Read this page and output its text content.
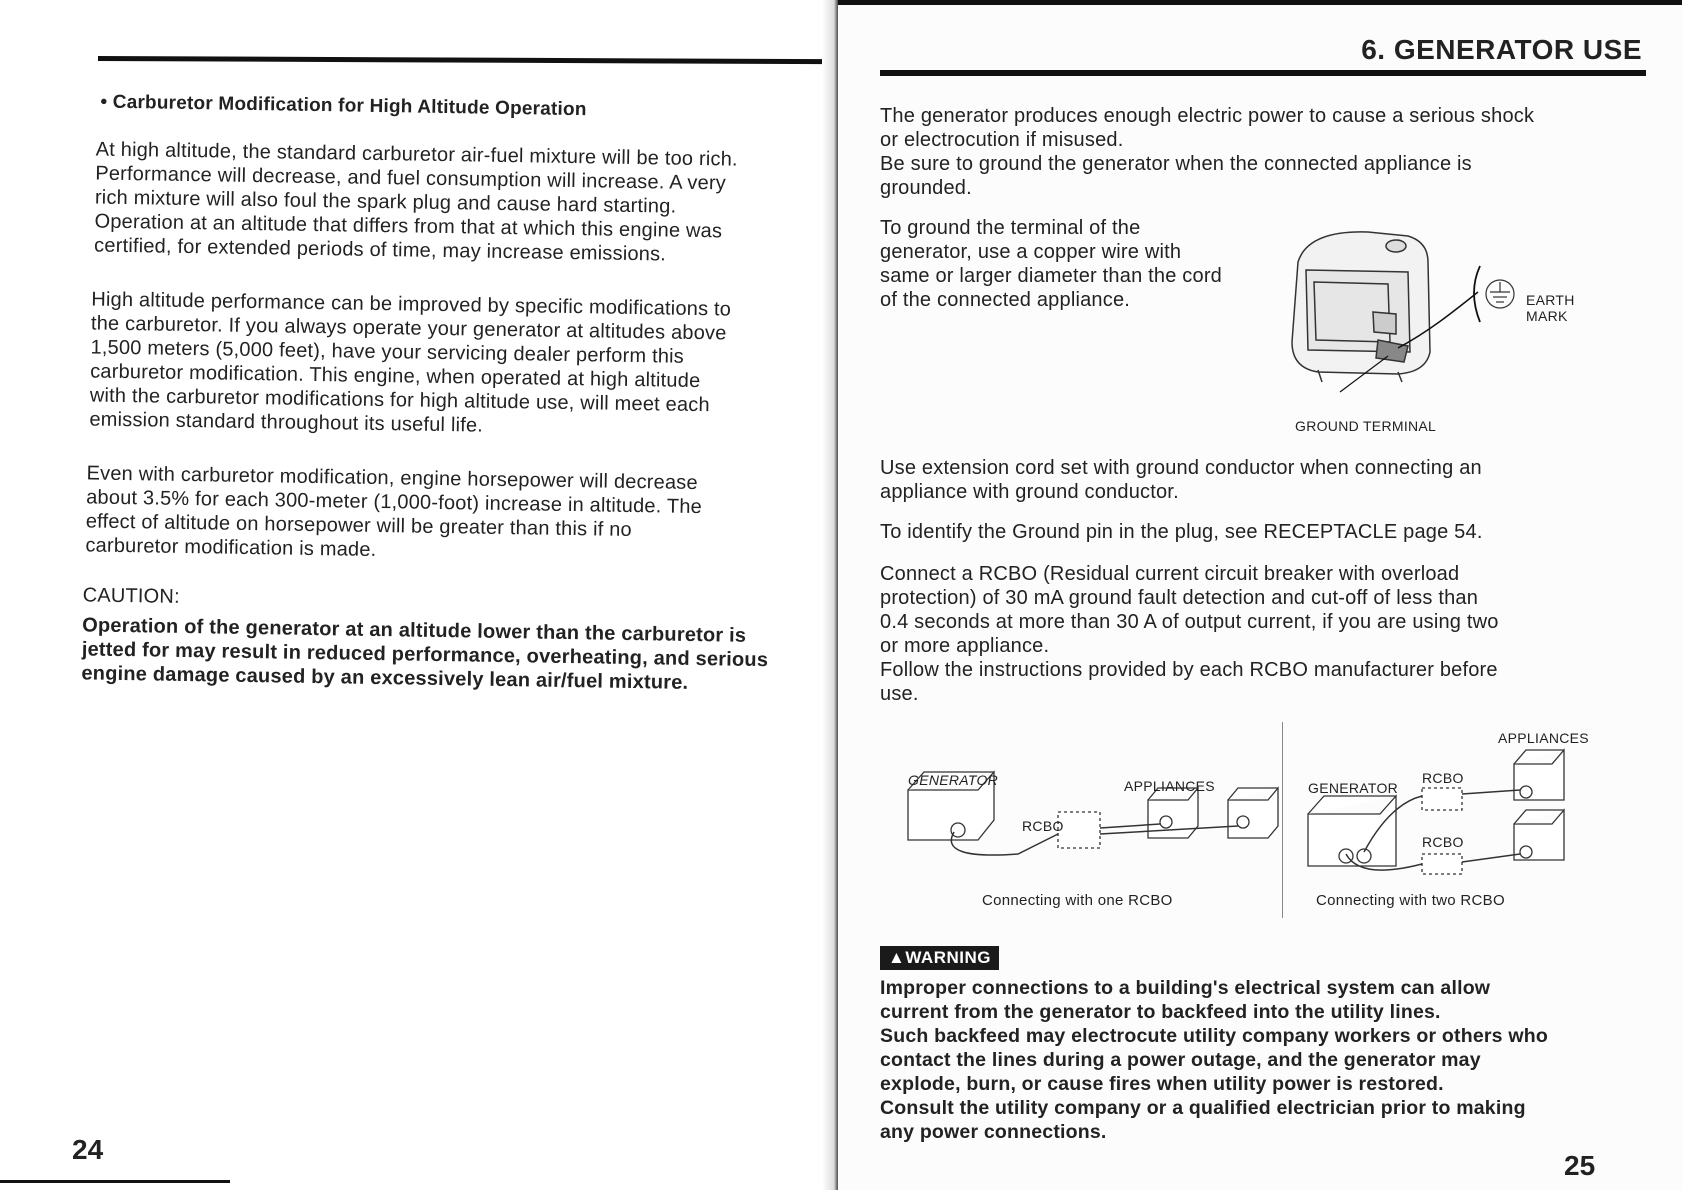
• Carburetor Modification for High Altitude Operation

At high altitude, the standard carburetor air-fuel mixture will be too rich.

Performance will decrease, and fuel consumption will increase. A very

rich mixture will also foul the spark plug and cause hard starting.

Operation at an altitude that differs from that at which this engine was

certified, for extended periods of time, may increase emissions.

High altitude performance can be improved by specific modifications to

the carburetor. If you always operate your generator at altitudes above

1,500 meters (5,000 feet), have your servicing dealer perform this

carburetor modification. This engine, when operated at high altitude

with the carburetor modifications for high altitude use, will meet each

emission standard throughout its useful life.

Even with carburetor modification, engine horsepower will decrease

about 3.5% for each 300-meter (1,000-foot) increase in altitude. The

effect of altitude on horsepower will be greater than this if no

carburetor modification is made.

CAUTION:

Operation of the generator at an altitude lower than the carburetor is

jetted for may result in reduced performance, overheating, and serious

engine damage caused by an excessively lean air/fuel mixture.

24
6. GENERATOR USE

The generator produces enough electric power to cause a serious shock

or electrocution if misused.

Be sure to ground the generator when the connected appliance is

grounded.

To ground the terminal of the

generator, use a copper wire with

same or larger diameter than the cord

of the connected appliance.	EARTH
MARK
GROUND TERMINAL

Use extension cord set with ground conductor when connecting an

appliance with ground conductor.

To identify the Ground pin in the plug, see RECEPTACLE page 54.

Connect a RCBO (Residual current circuit breaker with overload

protection) of 30 mA ground fault detection and cut-off of less than

0.4 seconds at more than 30 A of output current, if you are using two

or more appliance.

Follow the instructions provided by each RCBO manufacturer before

use.

GENERATOR
RCBO
APPLIANCES
Connecting with one RCBO
APPLIANCES
GENERATOR
RCBO
RCBO
Connecting with two RCBO
▲WARNING

Improper connections to a building's electrical system can allow

current from the generator to backfeed into the utility lines.

Such backfeed may electrocute utility company workers or others who

contact the lines during a power outage, and the generator may

explode, burn, or cause fires when utility power is restored.

Consult the utility company or a qualified electrician prior to making

any power connections.

25
